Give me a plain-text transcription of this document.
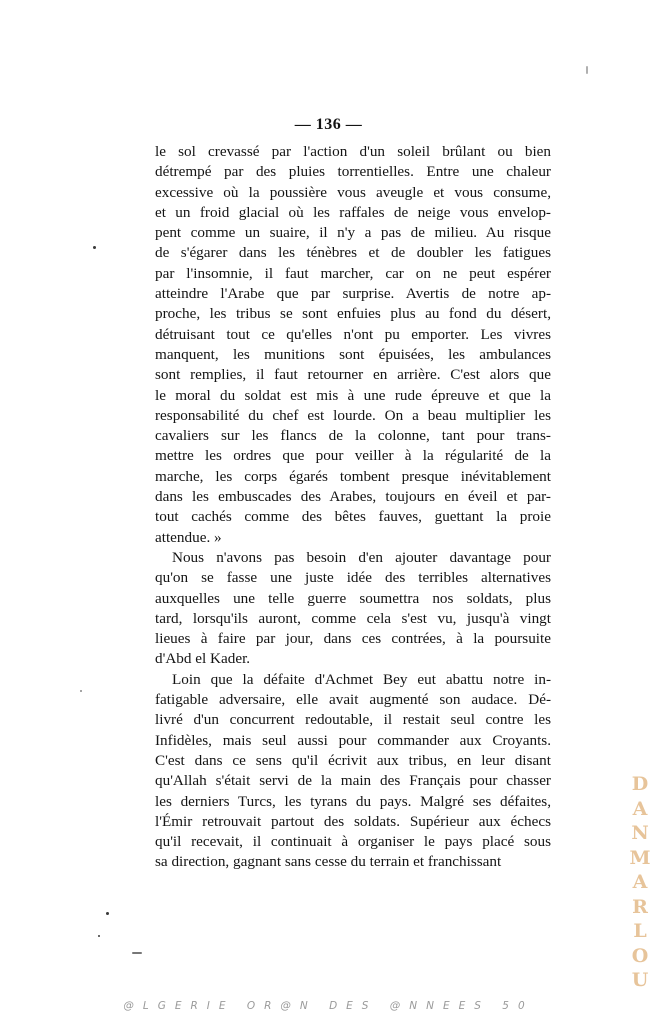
— 136 —
le sol crevassé par l'action d'un soleil brûlant ou bien
détrempé par des pluies torrentielles. Entre une chaleur
excessive où la poussière vous aveugle et vous consume,
et un froid glacial où les raffales de neige vous envelop-
pent comme un suaire, il n'y a pas de milieu. Au risque
de s'égarer dans les ténèbres et de doubler les fatigues
par l'insomnie, il faut marcher, car on ne peut espérer
atteindre l'Arabe que par surprise. Avertis de notre ap-
proche, les tribus se sont enfuies plus au fond du désert,
détruisant tout ce qu'elles n'ont pu emporter. Les vivres
manquent, les munitions sont épuisées, les ambulances
sont remplies, il faut retourner en arrière. C'est alors que
le moral du soldat est mis à une rude épreuve et que la
responsabilité du chef est lourde. On a beau multiplier les
cavaliers sur les flancs de la colonne, tant pour trans-
mettre les ordres que pour veiller à la régularité de la
marche, les corps égarés tombent presque inévitablement
dans les embuscades des Arabes, toujours en éveil et par-
tout cachés comme des bêtes fauves, guettant la proie
attendue. »
Nous n'avons pas besoin d'en ajouter davantage pour
qu'on se fasse une juste idée des terribles alternatives
auxquelles une telle guerre soumettra nos soldats, plus
tard, lorsqu'ils auront, comme cela s'est vu, jusqu'à vingt
lieues à faire par jour, dans ces contrées, à la poursuite
d'Abd el Kader.
Loin que la défaite d'Achmet Bey eut abattu notre in-
fatigable adversaire, elle avait augmenté son audace. Dé-
livré d'un concurrent redoutable, il restait seul contre les
Infidèles, mais seul aussi pour commander aux Croyants.
C'est dans ce sens qu'il écrivit aux tribus, en leur disant
qu'Allah s'était servi de la main des Français pour chasser
les derniers Turcs, les tyrans du pays. Malgré ses défaites,
l'Émir retrouvait partout des soldats. Supérieur aux échecs
qu'il recevait, il continuait à organiser le pays placé sous
sa direction, gagnant sans cesse du terrain et franchissant
D
A
N
M
A
R
L
O
U
@LGERIE OR@N DES @NNEES 50
